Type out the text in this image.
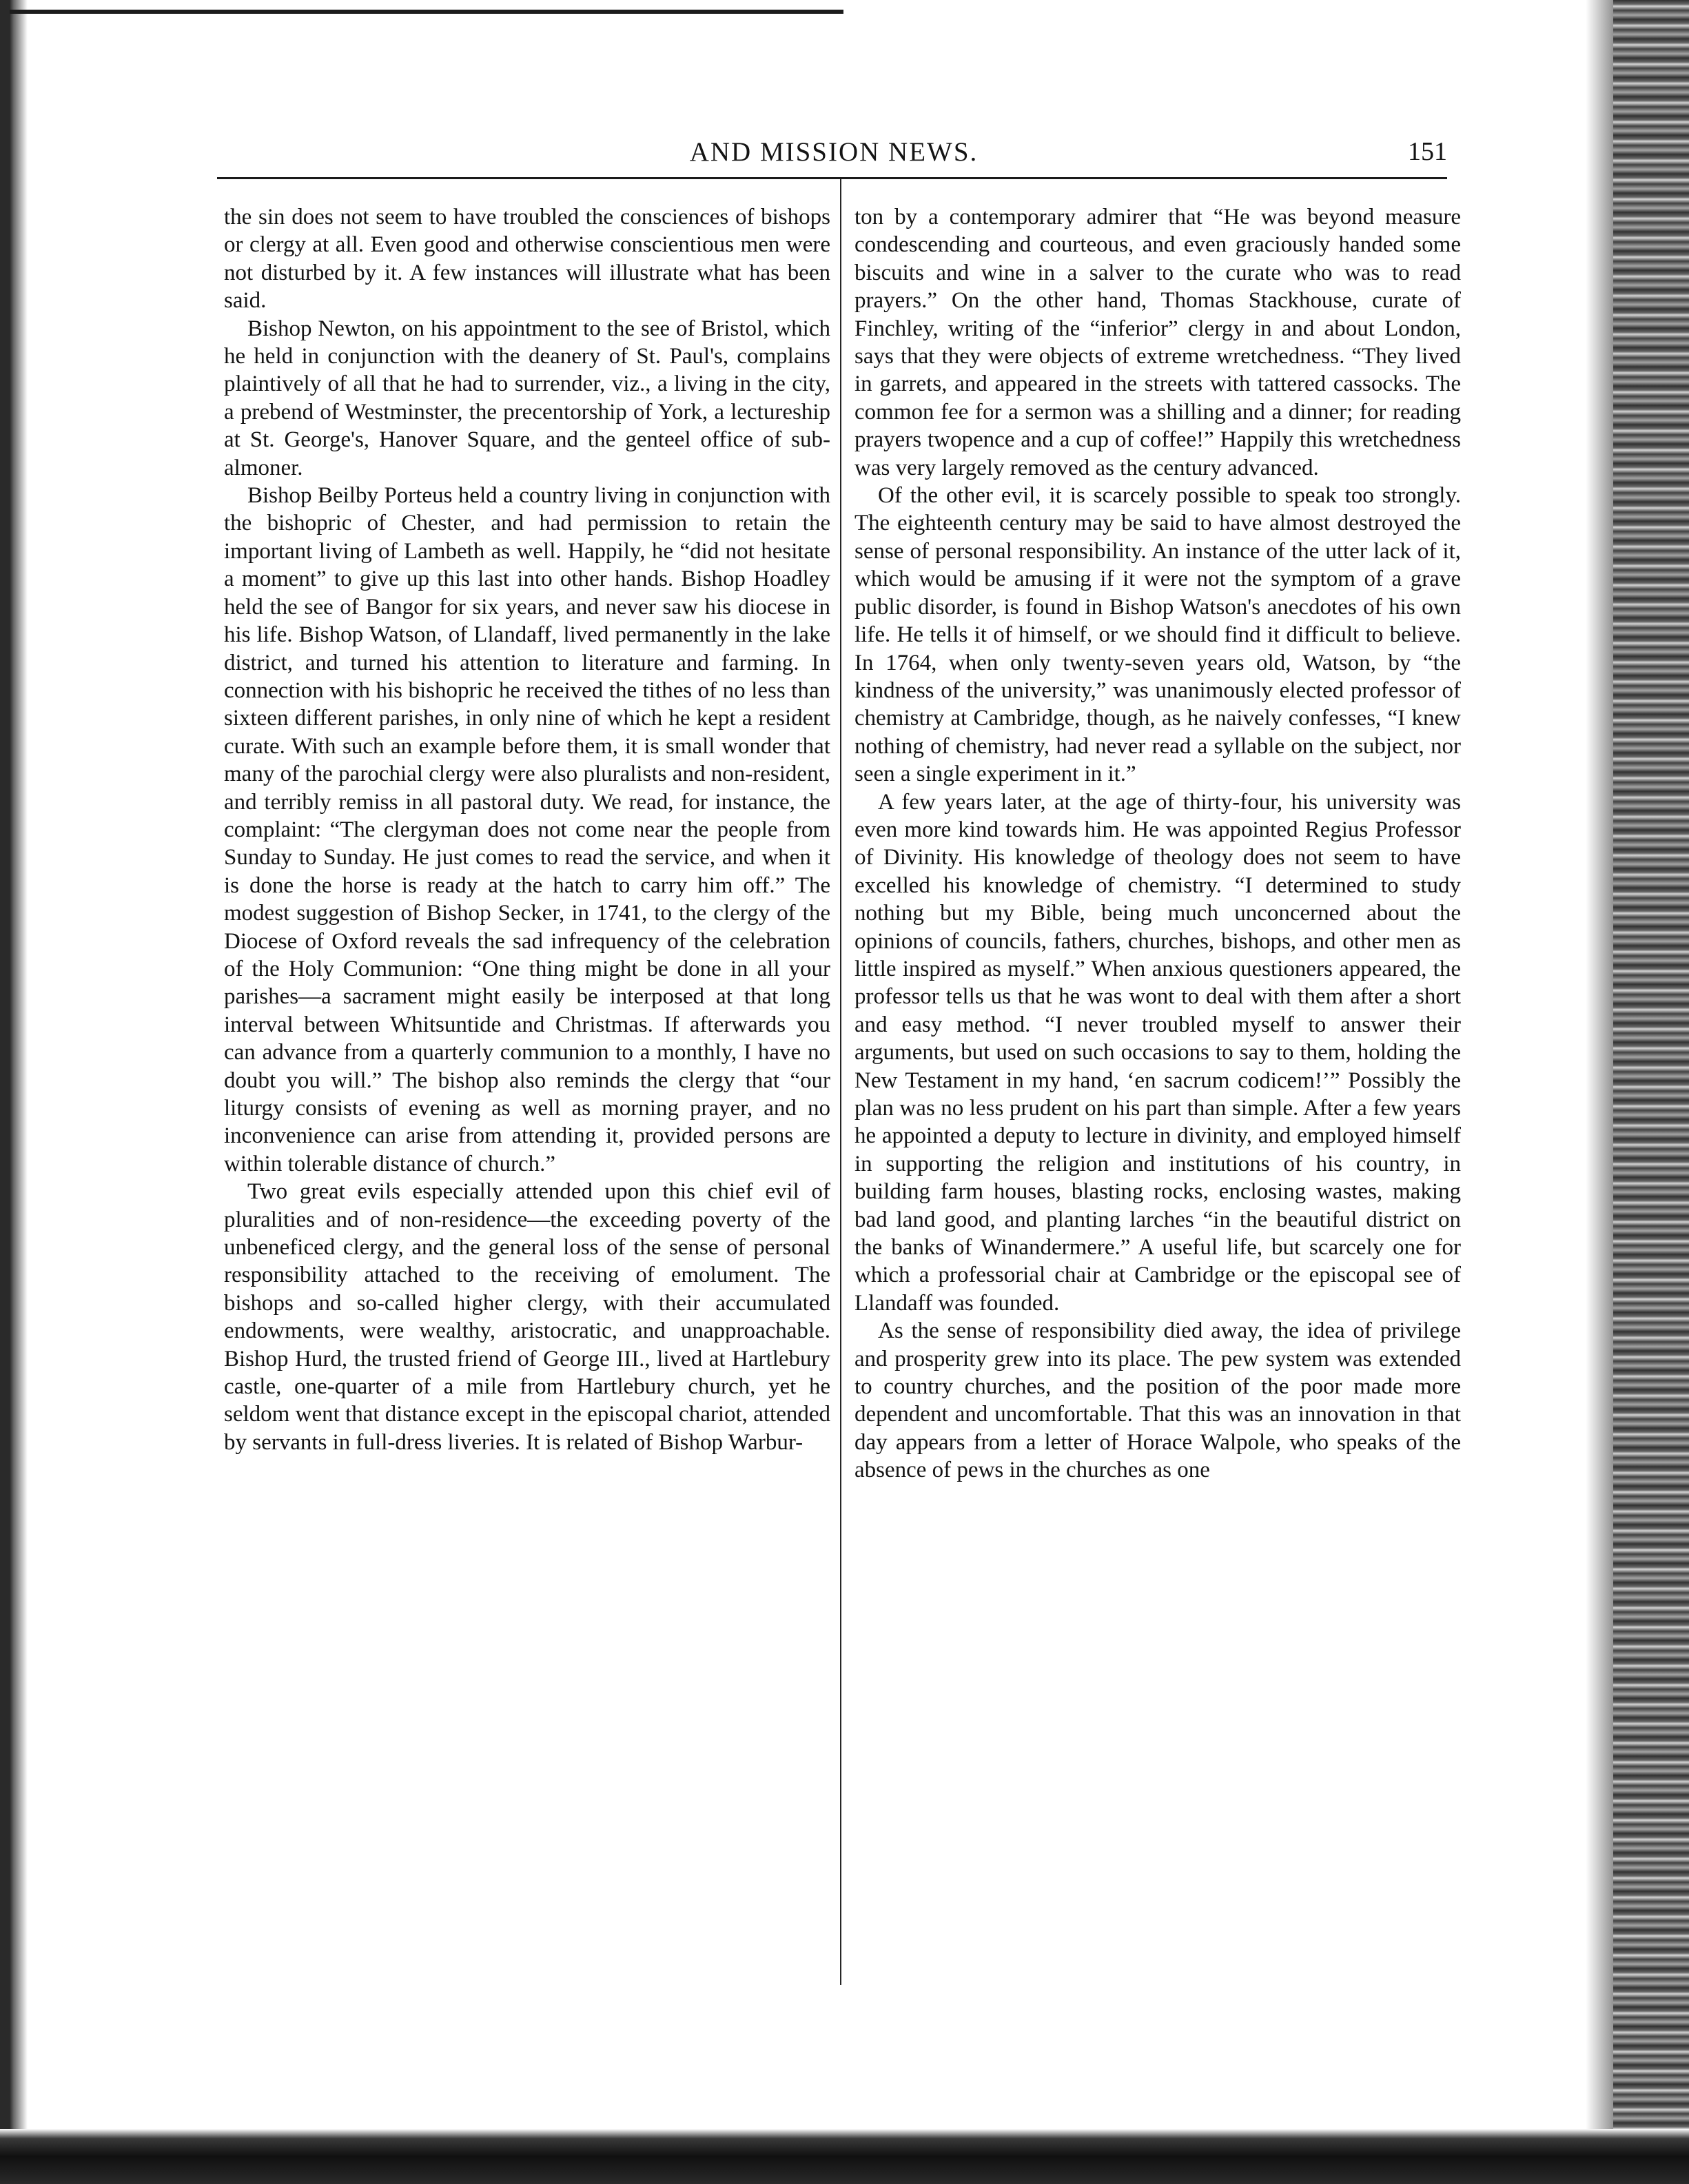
AND MISSION NEWS.	151

the sin does not seem to have troubled the consciences of bishops or clergy at all. Even good and otherwise conscientious men were not disturbed by it. A few instances will illustrate what has been said.

Bishop Newton, on his appointment to the see of Bristol, which he held in conjunction with the deanery of St. Paul's, complains plaintively of all that he had to surrender, viz., a living in the city, a prebend of Westminster, the precentorship of York, a lectureship at St. George's, Hanover Square, and the genteel office of sub-almoner.

Bishop Beilby Porteus held a country living in conjunction with the bishopric of Chester, and had permission to retain the important living of Lambeth as well. Happily, he “did not hesitate a moment” to give up this last into other hands. Bishop Hoadley held the see of Bangor for six years, and never saw his diocese in his life. Bishop Watson, of Llandaff, lived permanently in the lake district, and turned his attention to literature and farming. In connection with his bishopric he received the tithes of no less than sixteen different parishes, in only nine of which he kept a resident curate. With such an example before them, it is small wonder that many of the parochial clergy were also pluralists and non-resident, and terribly remiss in all pastoral duty. We read, for instance, the complaint: “The clergyman does not come near the people from Sunday to Sunday. He just comes to read the service, and when it is done the horse is ready at the hatch to carry him off.” The modest suggestion of Bishop Secker, in 1741, to the clergy of the Diocese of Oxford reveals the sad infrequency of the celebration of the Holy Communion: “One thing might be done in all your parishes—a sacrament might easily be interposed at that long interval between Whitsuntide and Christmas. If afterwards you can advance from a quarterly communion to a monthly, I have no doubt you will.” The bishop also reminds the clergy that “our liturgy consists of evening as well as morning prayer, and no inconvenience can arise from attending it, provided persons are within tolerable distance of church.”

Two great evils especially attended upon this chief evil of pluralities and of non-residence—the exceeding poverty of the unbeneficed clergy, and the general loss of the sense of personal responsibility attached to the receiving of emolument. The bishops and so-called higher clergy, with their accumulated endowments, were wealthy, aristocratic, and unapproachable. Bishop Hurd, the trusted friend of George III., lived at Hartlebury castle, one-quarter of a mile from Hartlebury church, yet he seldom went that distance except in the episcopal chariot, attended by servants in full-dress liveries. It is related of Bishop Warbur-

ton by a contemporary admirer that “He was beyond measure condescending and courteous, and even graciously handed some biscuits and wine in a salver to the curate who was to read prayers.” On the other hand, Thomas Stackhouse, curate of Finchley, writing of the “inferior” clergy in and about London, says that they were objects of extreme wretchedness. “They lived in garrets, and appeared in the streets with tattered cassocks. The common fee for a sermon was a shilling and a dinner; for reading prayers twopence and a cup of coffee!” Happily this wretchedness was very largely removed as the century advanced.

Of the other evil, it is scarcely possible to speak too strongly. The eighteenth century may be said to have almost destroyed the sense of personal responsibility. An instance of the utter lack of it, which would be amusing if it were not the symptom of a grave public disorder, is found in Bishop Watson's anecdotes of his own life. He tells it of himself, or we should find it difficult to believe. In 1764, when only twenty-seven years old, Watson, by “the kindness of the university,” was unanimously elected professor of chemistry at Cambridge, though, as he naively confesses, “I knew nothing of chemistry, had never read a syllable on the subject, nor seen a single experiment in it.”

A few years later, at the age of thirty-four, his university was even more kind towards him. He was appointed Regius Professor of Divinity. His knowledge of theology does not seem to have excelled his knowledge of chemistry. “I determined to study nothing but my Bible, being much unconcerned about the opinions of councils, fathers, churches, bishops, and other men as little inspired as myself.” When anxious questioners appeared, the professor tells us that he was wont to deal with them after a short and easy method. “I never troubled myself to answer their arguments, but used on such occasions to say to them, holding the New Testament in my hand, ‘en sacrum codicem!’” Possibly the plan was no less prudent on his part than simple. After a few years he appointed a deputy to lecture in divinity, and employed himself in supporting the religion and institutions of his country, in building farm houses, blasting rocks, enclosing wastes, making bad land good, and planting larches “in the beautiful district on the banks of Winandermere.” A useful life, but scarcely one for which a professorial chair at Cambridge or the episcopal see of Llandaff was founded.

As the sense of responsibility died away, the idea of privilege and prosperity grew into its place. The pew system was extended to country churches, and the position of the poor made more dependent and uncomfortable. That this was an innovation in that day appears from a letter of Horace Walpole, who speaks of the absence of pews in the churches as one
